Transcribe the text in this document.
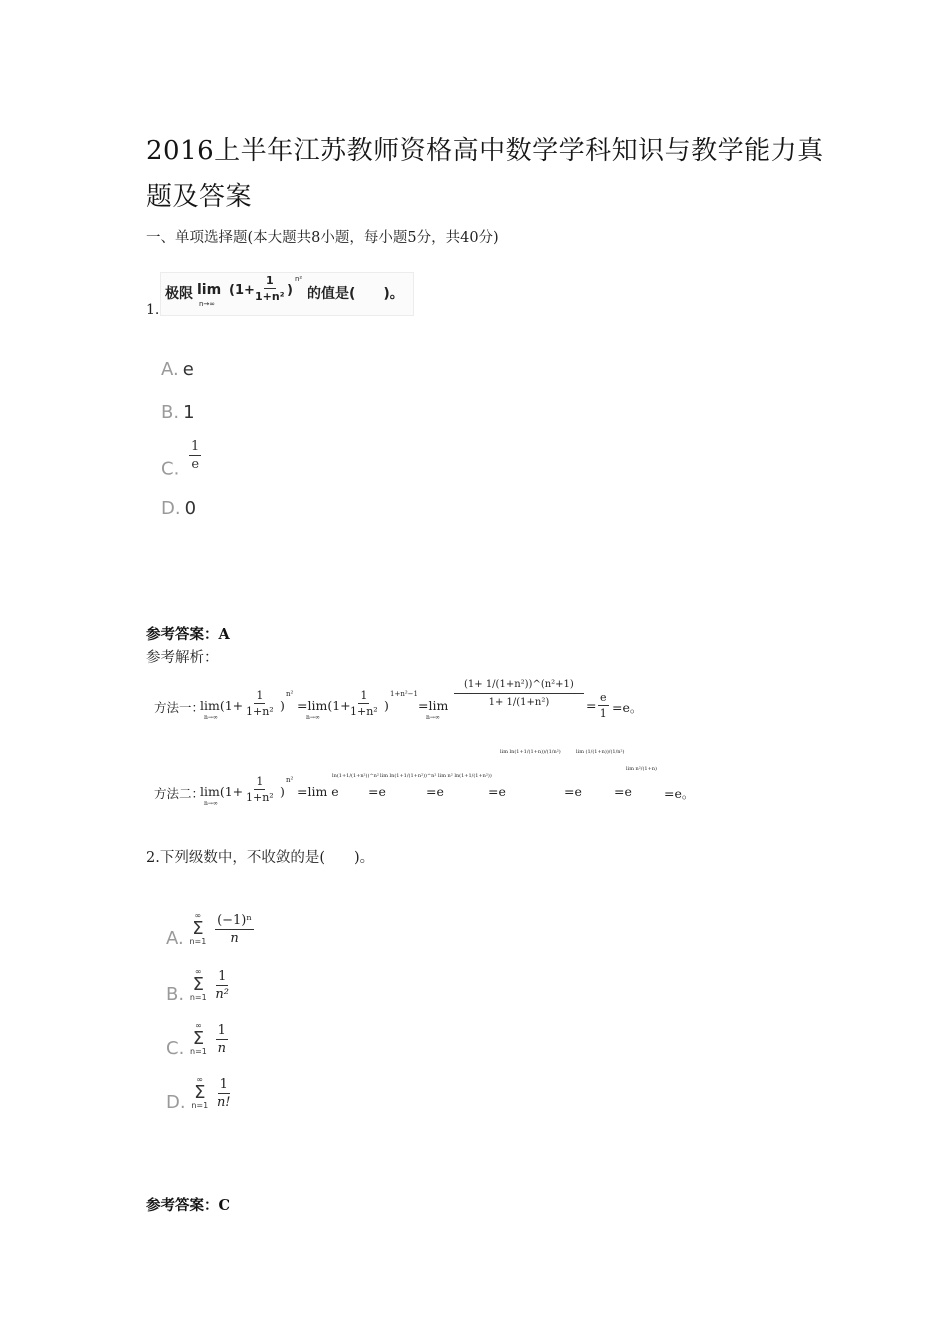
2016上半年江苏教师资格高中数学学科知识与教学能力真题及答案
一、单项选择题(本大题共8小题，每小题5分，共40分)
1.
极限 lim
n→∞
($1+ \frac{1}{\text{1+n²}}$ )
n²
的值是(　　)。
A. e
B. 1
C. $\frac{1}{e}$
D. 0
参考答案：A
参考解析：
方法一：
lim(1+
n→∞
$\frac{1}{\text{1+n²}}$ )
n²
=lim(1+
n→∞
$\frac{1}{\text{1+n²}}$ )
1+n²−1
=lim
n→∞
$\frac{\text{(1+ 1/(1+n²))\textasciicircum{}(n²+1)}}{\text{1+ 1/(1+n²)}} = \frac{e}{1} =e$。
方法二：
lim(1+
n→∞
$\frac{1}{\text{1+n²}}$ )
n²
=lim e
ln(1+1/(1+n²))^n²
=e
lim ln(1+1/(1+n²))^n²
=e
lim n² ln(1+1/(1+n²))
=e
lim ln(1+1/(1+n))/(1/n²)
=e
lim (1/(1+n))/(1/n²)
=e
lim n²/(1+n)
=e。
2.下列级数中，不收敛的是(　　)。
A.
∞
Σ
n=1
$\frac{\text{(−1)ⁿ}}{n}$
B.
∞
Σ
n=1
$\frac{1}{\text{n²}}$
C.
∞
Σ
n=1
$\frac{1}{n}$
D.
∞
Σ
n=1
$\frac{1}{n!}$
参考答案：C
